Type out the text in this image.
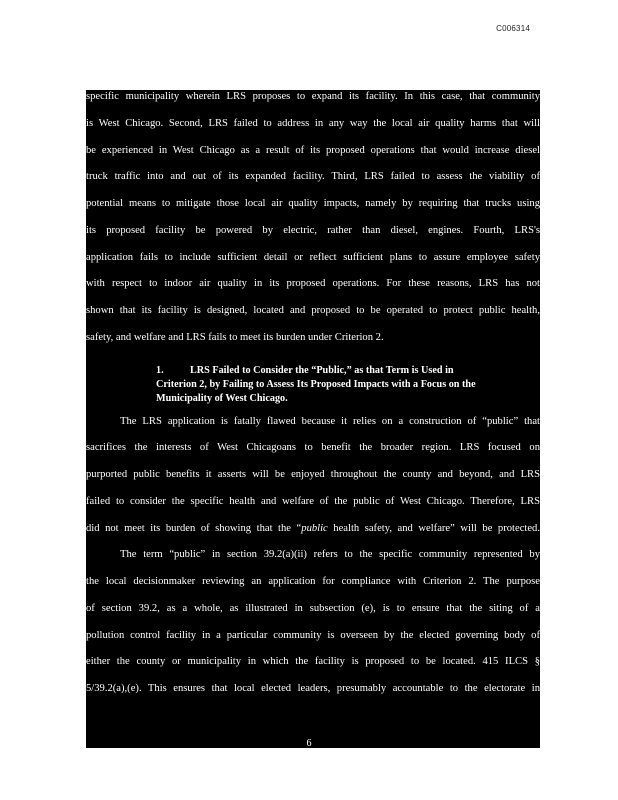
C006314
specific municipality wherein LRS proposes to expand its facility. In this case, that community
is West Chicago. Second, LRS failed to address in any way the local air quality harms that will
be experienced in West Chicago as a result of its proposed operations that would increase diesel
truck traffic into and out of its expanded facility. Third, LRS failed to assess the viability of
potential means to mitigate those local air quality impacts, namely by requiring that trucks using
its proposed facility be powered by electric, rather than diesel, engines. Fourth, LRS's
application fails to include sufficient detail or reflect sufficient plans to assure employee safety
with respect to indoor air quality in its proposed operations. For these reasons, LRS has not
shown that its facility is designed, located and proposed to be operated to protect public health,
safety, and welfare and LRS fails to meet its burden under Criterion 2.
1.	LRS Failed to Consider the “Public,” as that Term is Used in
Criterion 2, by Failing to Assess Its Proposed Impacts with a Focus on the
Municipality of West Chicago.
The LRS application is fatally flawed because it relies on a construction of “public” that
sacrifices the interests of West Chicagoans to benefit the broader region. LRS focused on
purported public benefits it asserts will be enjoyed throughout the county and beyond, and LRS
failed to consider the specific health and welfare of the public of West Chicago. Therefore, LRS
did not meet its burden of showing that the “public health safety, and welfare” will be protected.
The term “public” in section 39.2(a)(ii) refers to the specific community represented by
the local decisionmaker reviewing an application for compliance with Criterion 2. The purpose
of section 39.2, as a whole, as illustrated in subsection (e), is to ensure that the siting of a
pollution control facility in a particular community is overseen by the elected governing body of
either the county or municipality in which the facility is proposed to be located. 415 ILCS §
5/39.2(a),(e). This ensures that local elected leaders, presumably accountable to the electorate in
6
